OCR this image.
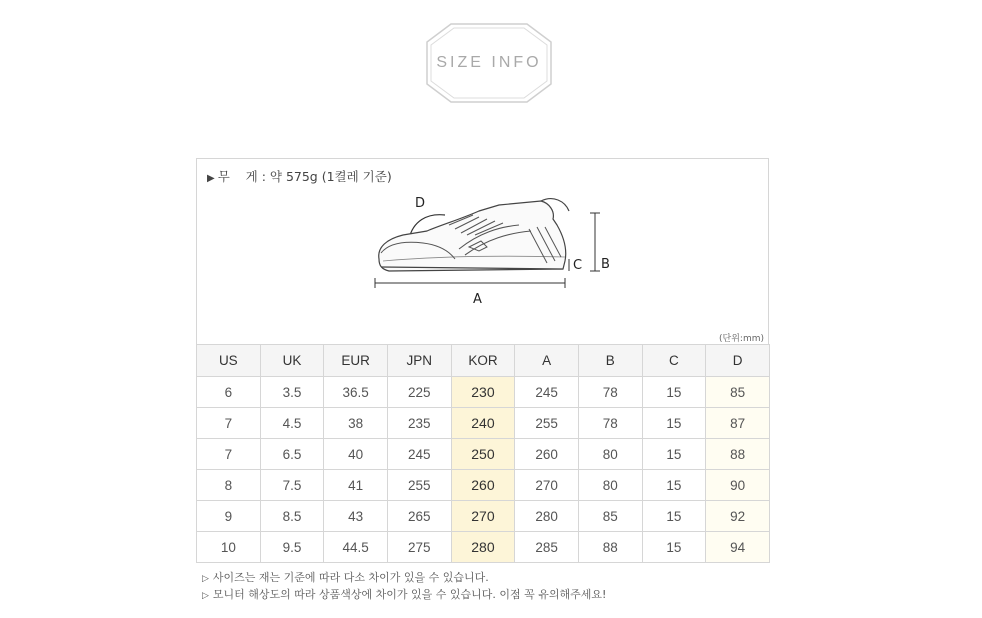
SIZE INFO
▶ 무    게 : 약 575g (1켤레 기준)
D
A
B
C
(단위:mm)
US	UK	EUR	JPN	KOR	A	B	C	D
6	3.5	36.5	225	230	245	78	15	85
7	4.5	38	235	240	255	78	15	87
7	6.5	40	245	250	260	80	15	88
8	7.5	41	255	260	270	80	15	90
9	8.5	43	265	270	280	85	15	92
10	9.5	44.5	275	280	285	88	15	94
▷ 사이즈는 재는 기준에 따라 다소 차이가 있을 수 있습니다.
▷ 모니터 해상도의 따라 상품색상에 차이가 있을 수 있습니다. 이점 꼭 유의해주세요!
